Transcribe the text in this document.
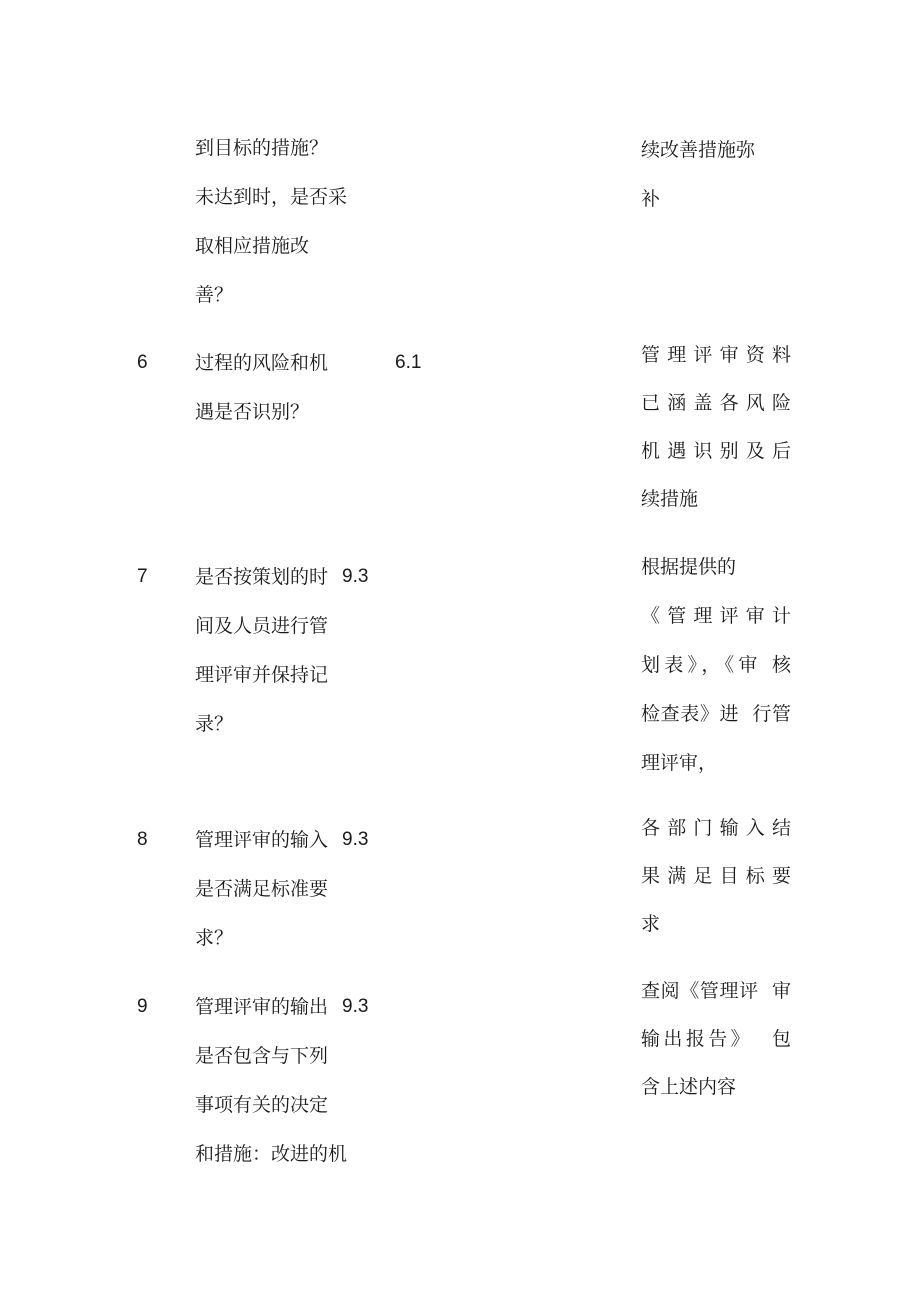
到目标的措施？
未达到时，是否采
取相应措施改
善？
续改善措施弥
补
6 过程的风险和机
遇是否识别？
6.1	管理评审资料
已涵盖各风险
机遇识别及后
续措施
7 是否按策划的时
间及人员进行管
理评审并保持记
录？
9.3	根据提供的
《管理评审计
划表》，《审 核
检查表》进  行管
理评审，
8 管理评审的输入
是否满足标准要
求？
9.3
各部门输入结
果满足目标要
求
9 管理评审的输出
是否包含与下列
事项有关的决定
和措施：改进的机
9.3
查阅《管理评  审
输出报告》  包
含上述内容
